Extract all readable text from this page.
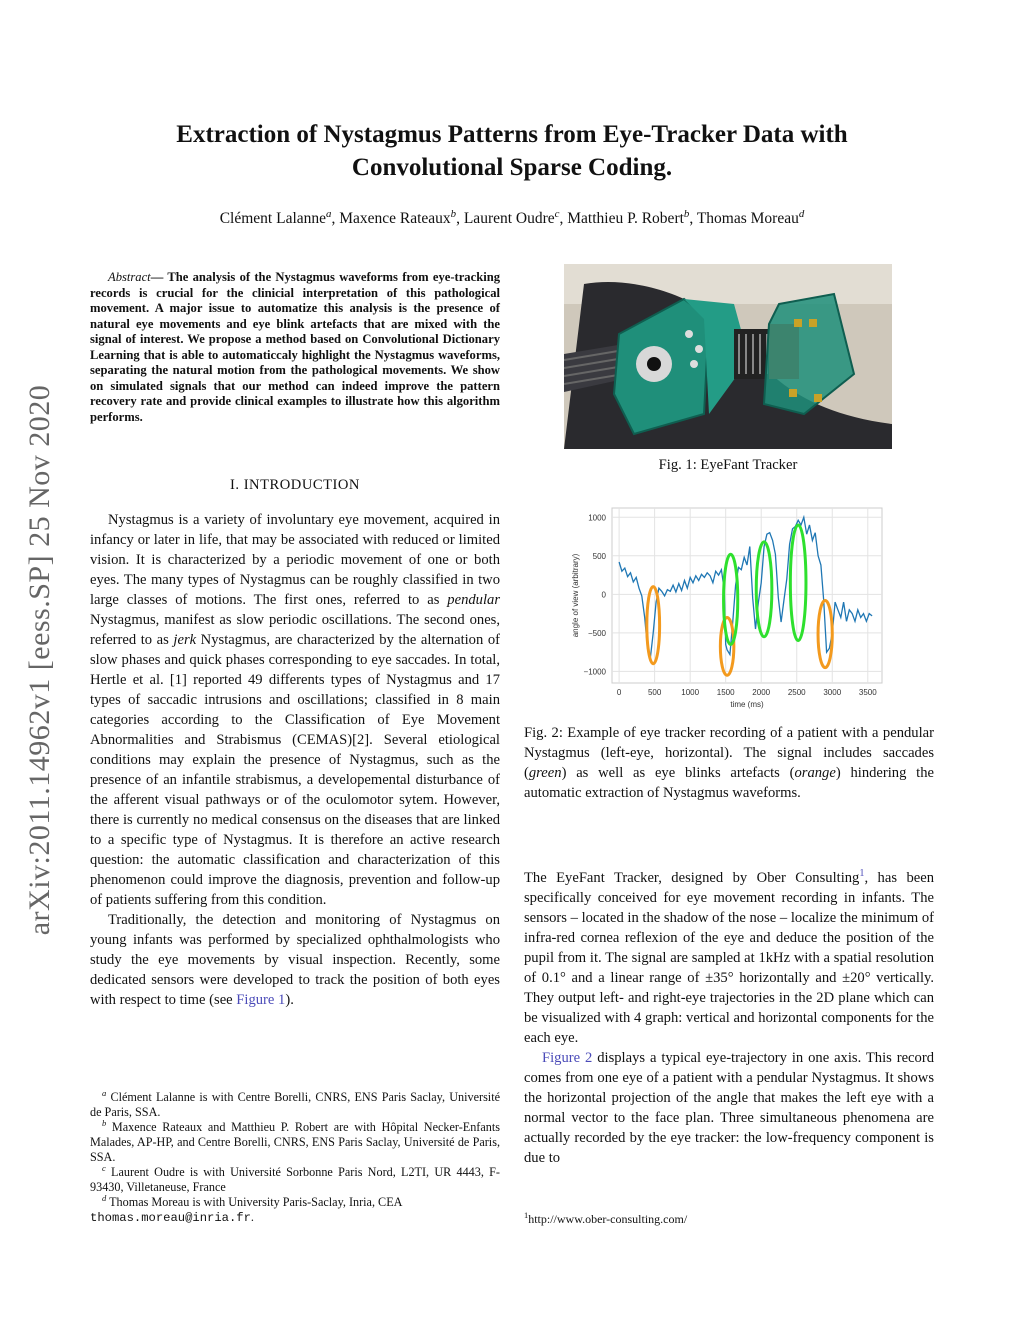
arXiv:2011.14962v1 [eess.SP] 25 Nov 2020
Extraction of Nystagmus Patterns from Eye-Tracker Data with
Convolutional Sparse Coding.
Clément Lalanne$^a$, Maxence Rateaux$^b$, Laurent Oudre$^c$, Matthieu P. Robert$^b$, Thomas Moreau$^d$
Abstract— The analysis of the Nystagmus waveforms from eye-tracking records is crucial for the clinicial interpretation of this pathological movement. A major issue to automatize this analysis is the presence of natural eye movements and eye blink artefacts that are mixed with the signal of interest. We propose a method based on Convolutional Dictionary Learning that is able to automaticcaly highlight the Nystagmus waveforms, separating the natural motion from the pathological movements. We show on simulated signals that our method can indeed improve the pattern recovery rate and provide clinical examples to illustrate how this algorithm performs.
I. INTRODUCTION

Nystagmus is a variety of involuntary eye movement, acquired in infancy or later in life, that may be associated with reduced or limited vision. It is characterized by a periodic movement of one or both eyes. The many types of Nystagmus can be roughly classified in two large classes of motions. The first ones, referred to as pendular Nystagmus, manifest as slow periodic oscillations. The second ones, referred to as jerk Nystagmus, are characterized by the alternation of slow phases and quick phases corresponding to eye saccades. In total, Hertle et al. [1] reported 49 differents types of Nystagmus and 17 types of saccadic intrusions and oscillations; classified in 8 main categories according to the Classification of Eye Movement Abnormalities and Strabismus (CEMAS)[2]. Several etiological conditions may explain the presence of Nystagmus, such as the presence of an infantile strabismus, a developemental disturbance of the afferent visual pathways or of the oculomotor sytem. However, there is currently no medical consensus on the diseases that are linked to a specific type of Nystagmus. It is therefore an active research question: the automatic classification and characterization of this phenomenon could improve the diagnosis, prevention and follow-up of patients suffering from this condition.

Traditionally, the detection and monitoring of Nystagmus on young infants was performed by specialized ophthalmologists who study the eye movements by visual inspection. Recently, some dedicated sensors were developed to track the position of both eyes with respect to time (see Figure 1).

$^a$ Clément Lalanne is with Centre Borelli, CNRS, ENS Paris Saclay, Université de Paris, SSA.

$^b$ Maxence Rateaux and Matthieu P. Robert are with Hôpital Necker-Enfants Malades, AP-HP, and Centre Borelli, CNRS, ENS Paris Saclay, Université de Paris, SSA.

$^c$ Laurent Oudre is with Université Sorbonne Paris Nord, L2TI, UR 4443, F-93430, Villetaneuse, France

$^d$ Thomas Moreau is with University Paris-Saclay, Inria, CEA
thomas.moreau@inria.fr.

Fig. 1: EyeFant Tracker
0	500 1000 1500 2000 2500 3000 3500
1000
500
0
−500
−1000
time (ms)
angle of view (arbitrary)
Fig. 2: Example of eye tracker recording of a patient with a pendular Nystagmus (left-eye, horizontal). The signal includes saccades (green) as well as eye blinks artefacts (orange) hindering the automatic extraction of Nystagmus waveforms.

The EyeFant Tracker, designed by Ober Consulting$^1$, has been specifically conceived for eye movement recording in infants. The sensors – located in the shadow of the nose – localize the minimum of infra-red cornea reflexion of the eye and deduce the position of the pupil from it. The signal are sampled at 1kHz with a spatial resolution of 0.1° and a linear range of ±35° horizontally and ±20° vertically. They output left- and right-eye trajectories in the 2D plane which can be visualized with 4 graph: vertical and horizontal components for the each eye.

Figure 2 displays a typical eye-trajectory in one axis. This record comes from one eye of a patient with a pendular Nystagmus. It shows the horizontal projection of the angle that makes the left eye with a normal vector to the face plan. Three simultaneous phenomena are actually recorded by the eye tracker: the low-frequency component is due to

$^1$http://www.ober-consulting.com/
